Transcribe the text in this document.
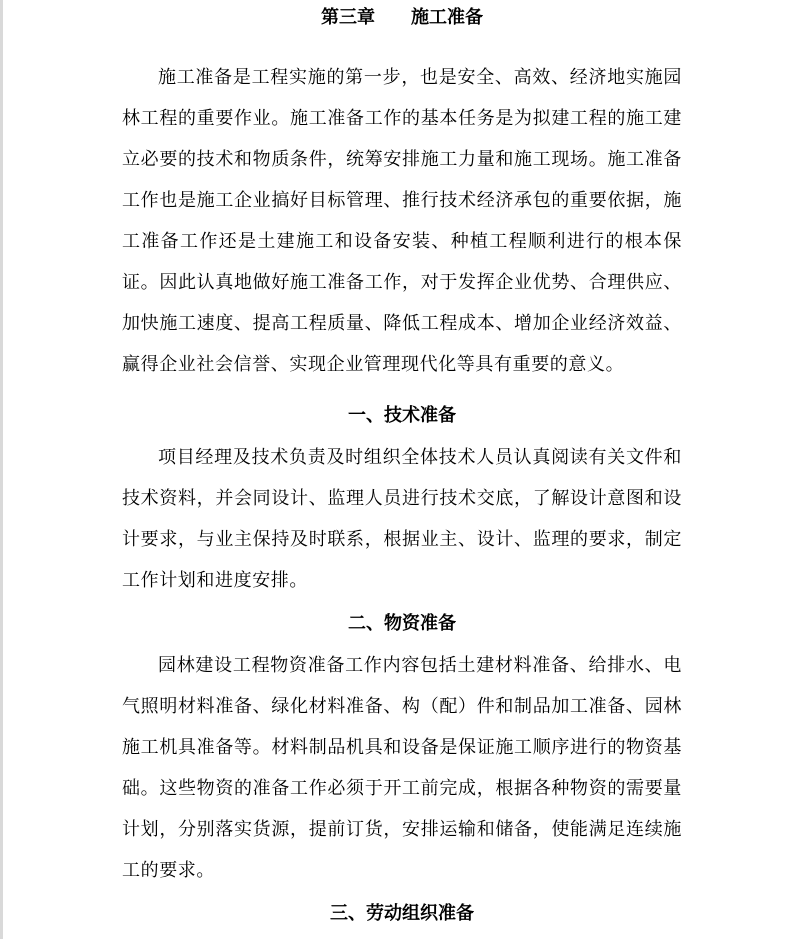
第三章　　施工准备

施工准备是工程实施的第一步，也是安全、高效、经济地实施园林工程的重要作业。施工准备工作的基本任务是为拟建工程的施工建立必要的技术和物质条件，统筹安排施工力量和施工现场。施工准备工作也是施工企业搞好目标管理、推行技术经济承包的重要依据，施工准备工作还是土建施工和设备安装、种植工程顺利进行的根本保证。因此认真地做好施工准备工作，对于发挥企业优势、合理供应、加快施工速度、提高工程质量、降低工程成本、增加企业经济效益、赢得企业社会信誉、实现企业管理现代化等具有重要的意义。

一、技术准备

项目经理及技术负责及时组织全体技术人员认真阅读有关文件和技术资料，并会同设计、监理人员进行技术交底，了解设计意图和设计要求，与业主保持及时联系，根据业主、设计、监理的要求，制定工作计划和进度安排。

二、物资准备

园林建设工程物资准备工作内容包括土建材料准备、给排水、电气照明材料准备、绿化材料准备、构（配）件和制品加工准备、园林施工机具准备等。材料制品机具和设备是保证施工顺序进行的物资基础。这些物资的准备工作必须于开工前完成，根据各种物资的需要量计划，分别落实货源，提前订货，安排运输和储备，使能满足连续施工的要求。

三、劳动组织准备
